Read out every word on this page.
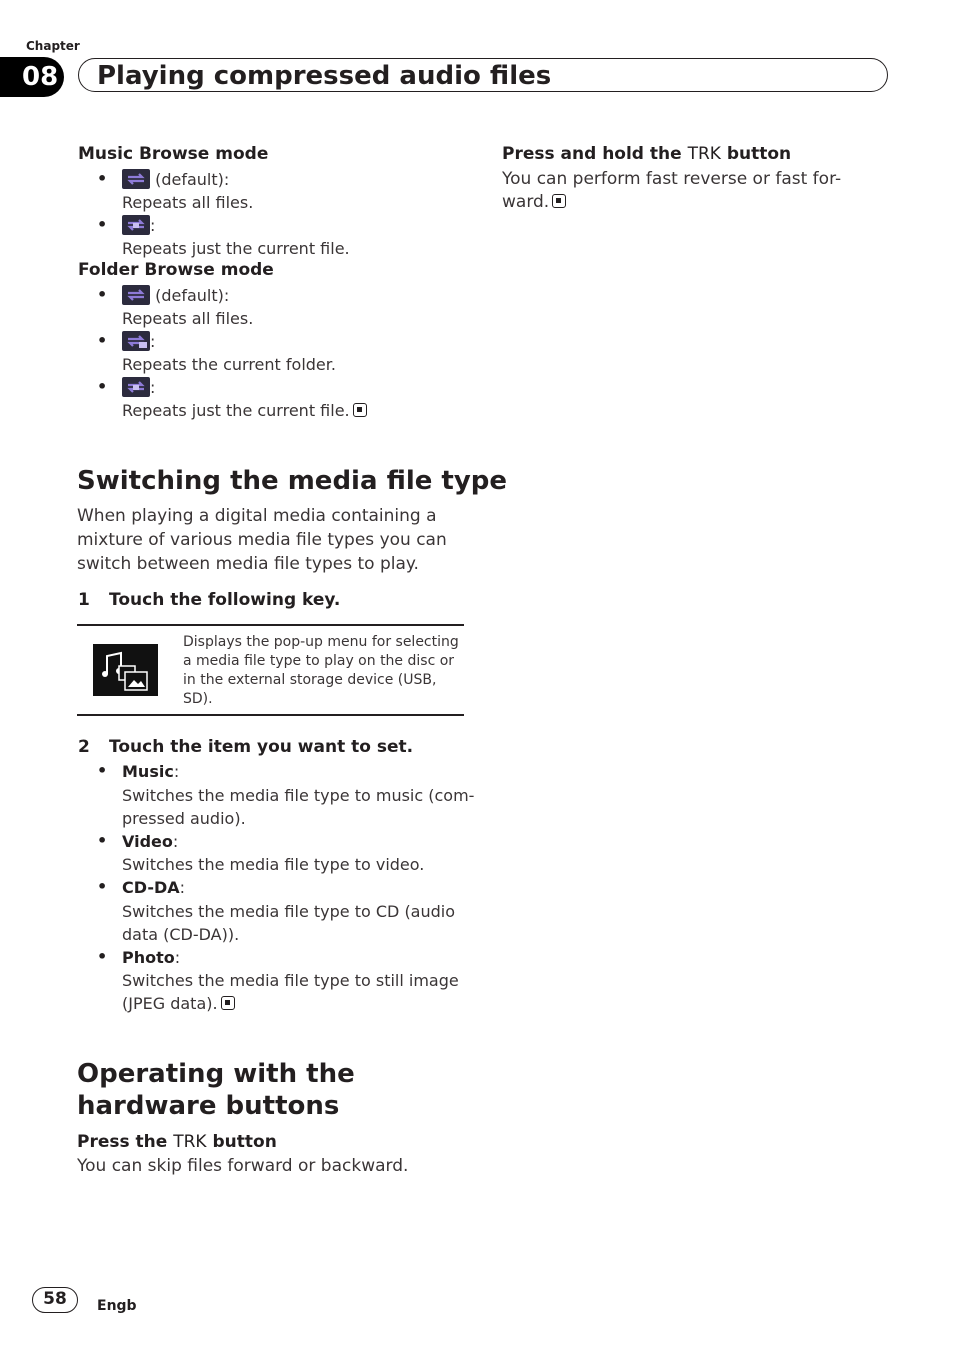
Chapter
08 Playing compressed audio files
Music Browse mode
•	(default):
Repeats all files.
•	:
Repeats just the current file.
Folder Browse mode
•	(default):
Repeats all files.
•	:
Repeats the current folder.
•	:
Repeats just the current file.
Switching the media file type
When playing a digital media containing a
mixture of various media file types you can
switch between media file types to play.
1 Touch the following key.
Displays the pop-up menu for selecting
a media file type to play on the disc or
in the external storage device (USB,
SD).
2 Touch the item you want to set.
• Music:
Switches the media file type to music (com-
pressed audio).
• Video:
Switches the media file type to video.
• CD-DA:
Switches the media file type to CD (audio
data (CD-DA)).
• Photo:
Switches the media file type to still image
(JPEG data).
Operating with the
hardware buttons
Press the TRK button
You can skip files forward or backward.
Press and hold the TRK button
You can perform fast reverse or fast for-
ward.
58	Engb
